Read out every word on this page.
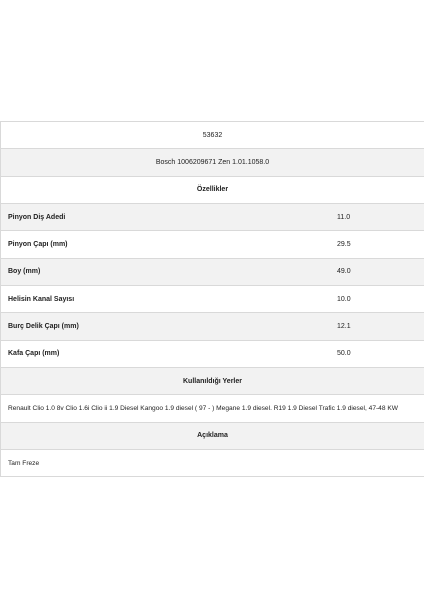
53632	
Bosch 1006209671 Zen 1.01.1058.0	
Özellikler	
Pinyon Diş Adedi	11.0
Pinyon Çapı (mm)	29.5
Boy (mm)	49.0
Helisin Kanal Sayısı	10.0
Burç Delik Çapı (mm)	12.1
Kafa Çapı (mm)	50.0
Kullanıldığı Yerler	
Renault Clio 1.0 8v Clio 1.6i Clio ii 1.9 Diesel Kangoo 1.9 diesel ( 97 - ) Megane 1.9 diesel. R19 1.9 Diesel Trafic 1.9 diesel, 47-48 KW	
Açıklama	
Tam Freze	
